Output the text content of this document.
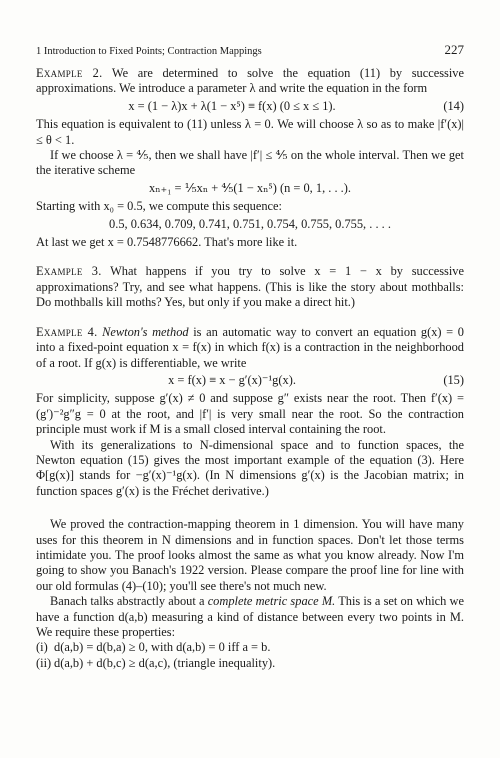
1 Introduction to Fixed Points; Contraction Mappings	227

Example 2. We are determined to solve the equation (11) by successive approximations. We introduce a parameter λ and write the equation in the form

x = (1 − λ)x + λ(1 − x⁵) ≡ f(x) (0 ≤ x ≤ 1).	(14)

This equation is equivalent to (11) unless λ = 0. We will choose λ so as to make |f′(x)| ≤ θ < 1.

If we choose λ = ⅘, then we shall have |f′| ≤ ⅘ on the whole interval. Then we get the iterative scheme

xₙ₊₁ = ⅕xₙ + ⅘(1 − xₙ⁵) (n = 0, 1, . . .).

Starting with x₀ = 0.5, we compute this sequence:

0.5, 0.634, 0.709, 0.741, 0.751, 0.754, 0.755, 0.755, . . . .

At last we get x = 0.7548776662. That's more like it.

Example 3. What happens if you try to solve x = 1 − x by successive approximations? Try, and see what happens. (This is like the story about mothballs: Do mothballs kill moths? Yes, but only if you make a direct hit.)

Example 4. Newton's method is an automatic way to convert an equation g(x) = 0 into a fixed-point equation x = f(x) in which f(x) is a contraction in the neighborhood of a root. If g(x) is differentiable, we write

x = f(x) ≡ x − g′(x)⁻¹g(x).	(15)

For simplicity, suppose g′(x) ≠ 0 and suppose g″ exists near the root. Then f′(x) = (g′)⁻²g″g = 0 at the root, and |f′| is very small near the root. So the contraction principle must work if M is a small closed interval containing the root.

With its generalizations to N-dimensional space and to function spaces, the Newton equation (15) gives the most important example of the equation (3). Here Φ[g(x)] stands for −g′(x)⁻¹g(x). (In N dimensions g′(x) is the Jacobian matrix; in function spaces g′(x) is the Fréchet derivative.)

We proved the contraction-mapping theorem in 1 dimension. You will have many uses for this theorem in N dimensions and in function spaces. Don't let those terms intimidate you. The proof looks almost the same as what you know already. Now I'm going to show you Banach's 1922 version. Please compare the proof line for line with our old formulas (4)–(10); you'll see there's not much new.

Banach talks abstractly about a complete metric space M. This is a set on which we have a function d(a,b) measuring a kind of distance between every two points in M. We require these properties:

(i) d(a,b) = d(b,a) ≥ 0, with d(a,b) = 0 iff a = b.
(ii) d(a,b) + d(b,c) ≥ d(a,c), (triangle inequality).
